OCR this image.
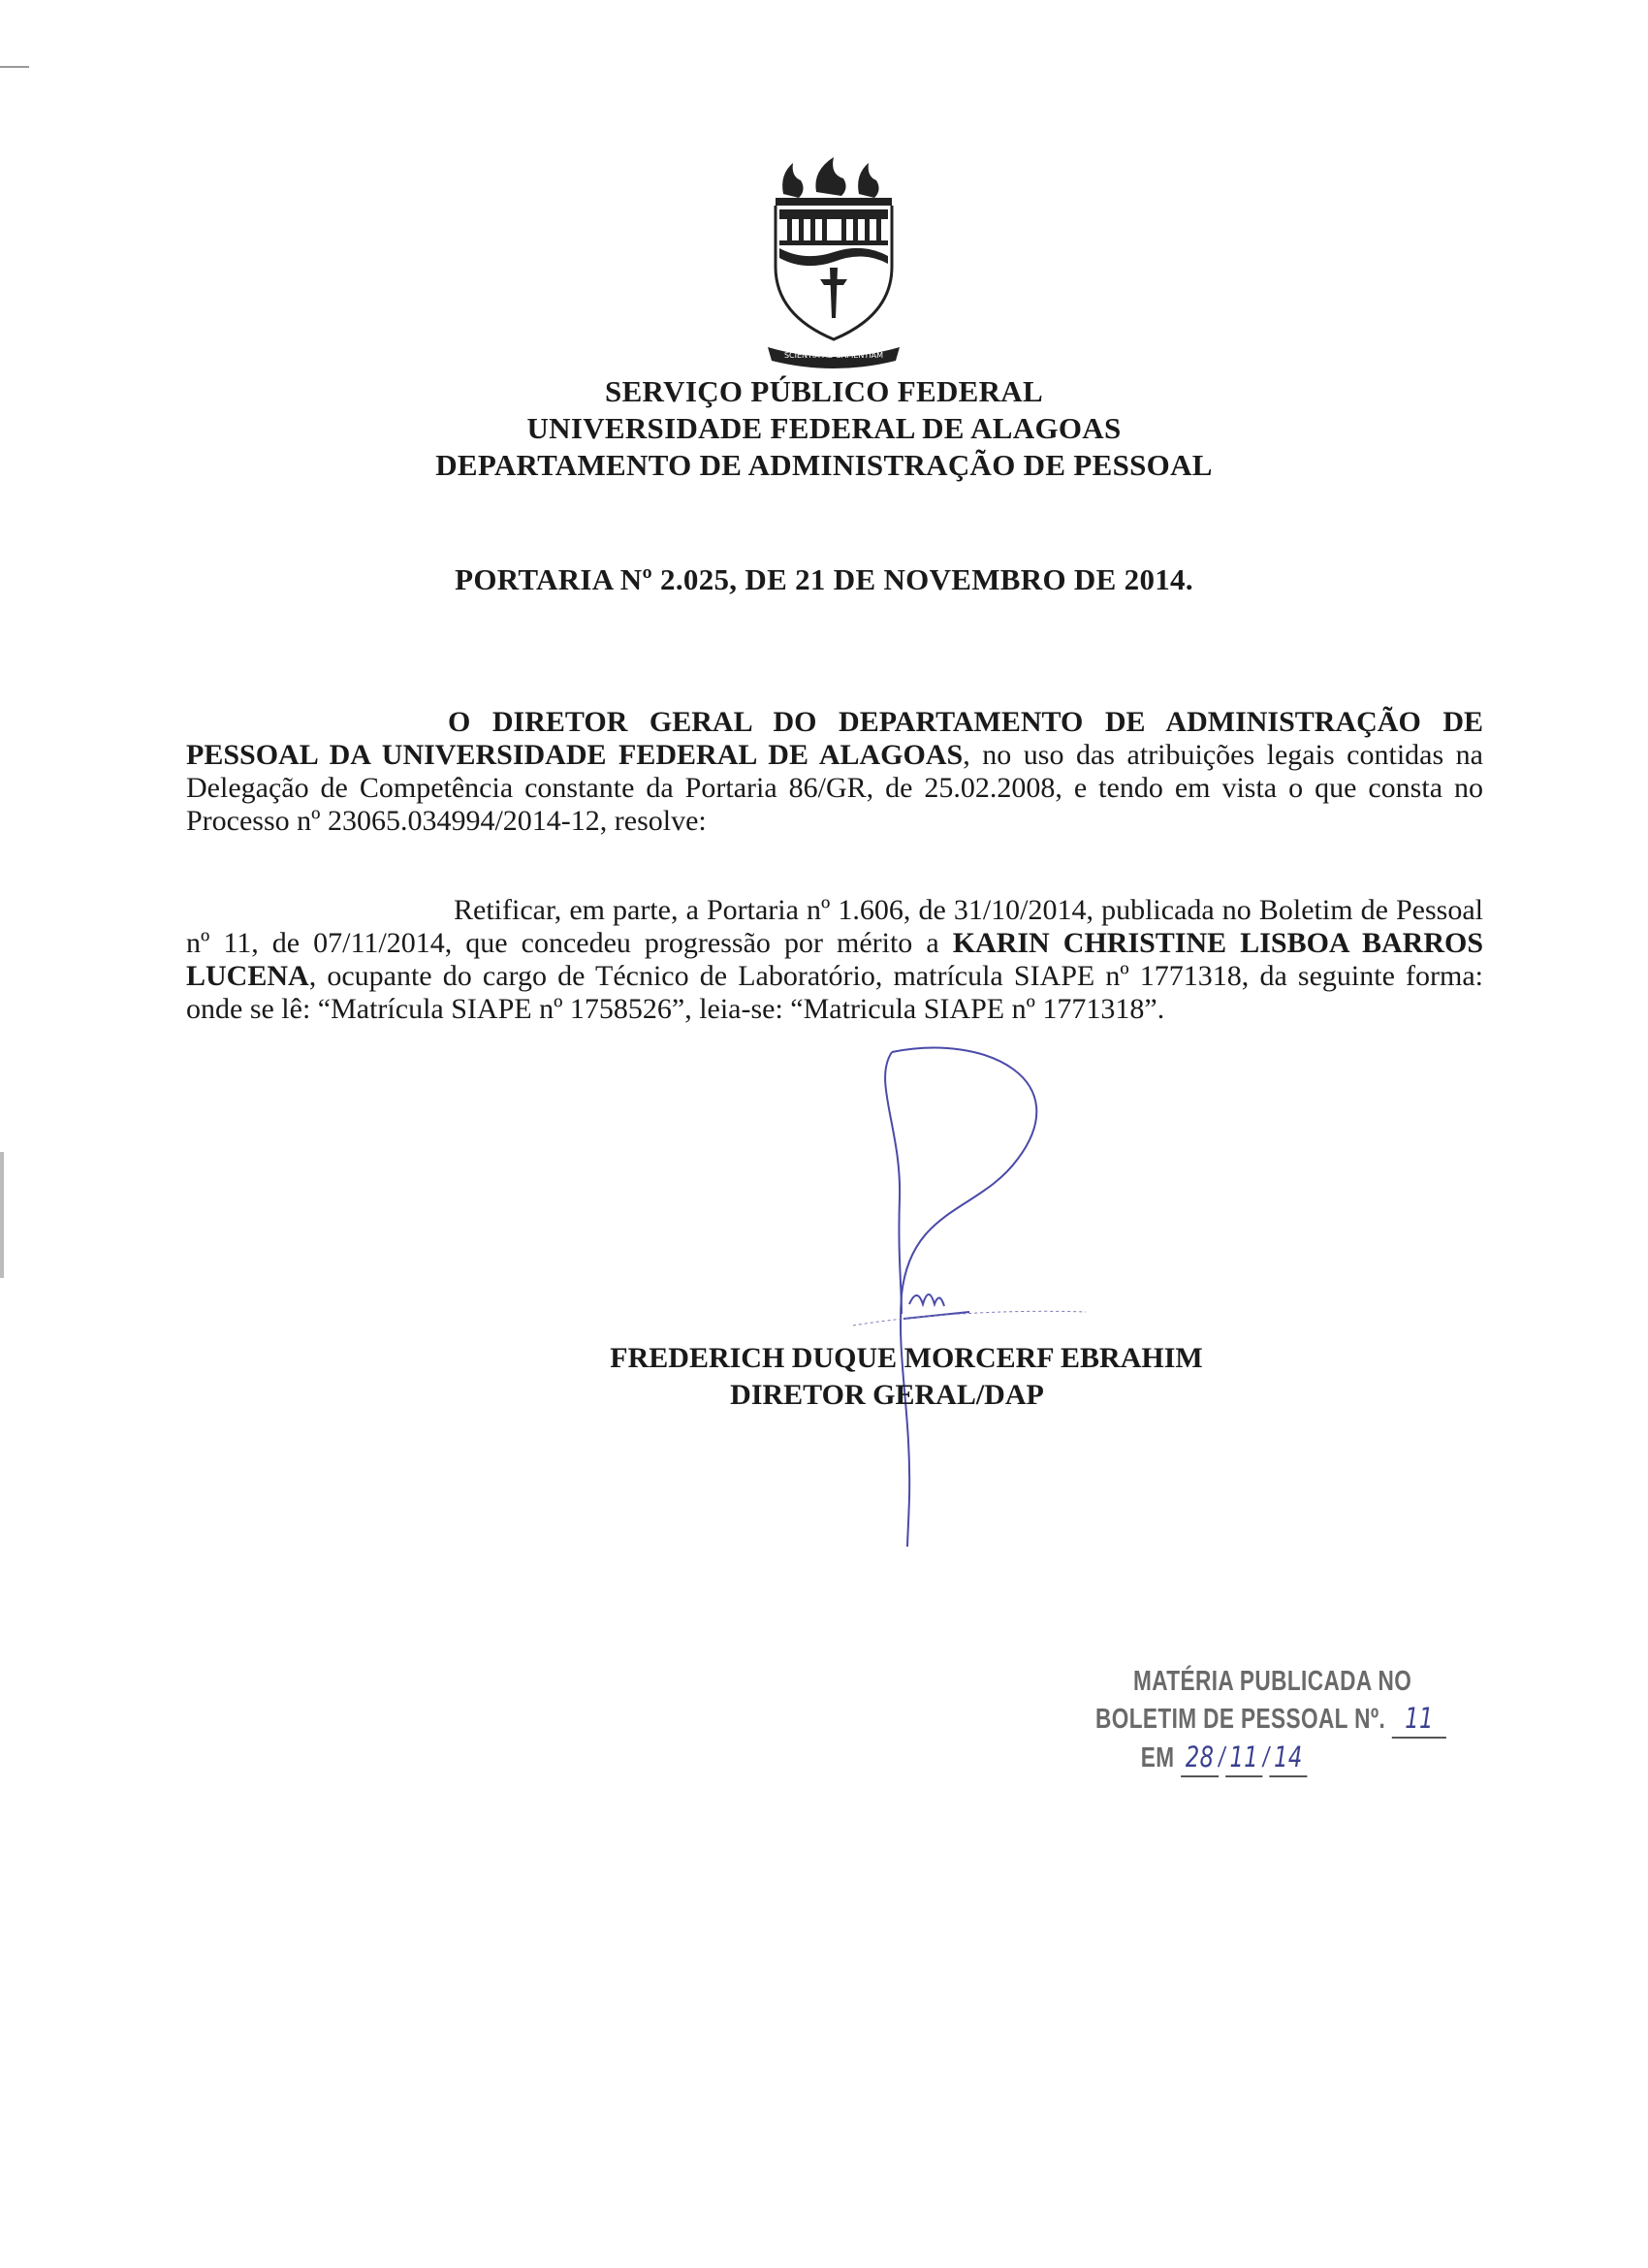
SCIENTIA AD SAPIENTIAM
SERVIÇO PÚBLICO FEDERAL
UNIVERSIDADE FEDERAL DE ALAGOAS
DEPARTAMENTO DE ADMINISTRAÇÃO DE PESSOAL
PORTARIA Nº 2.025, DE 21 DE NOVEMBRO DE 2014.
O DIRETOR GERAL DO DEPARTAMENTO DE ADMINISTRAÇÃO DE PESSOAL DA UNIVERSIDADE FEDERAL DE ALAGOAS, no uso das atribuições legais contidas na Delegação de Competência constante da Portaria 86/GR, de 25.02.2008, e tendo em vista o que consta no Processo nº 23065.034994/2014-12, resolve:
Retificar, em parte, a Portaria nº 1.606, de 31/10/2014, publicada no Boletim de Pessoal nº 11, de 07/11/2014, que concedeu progressão por mérito a KARIN CHRISTINE LISBOA BARROS LUCENA, ocupante do cargo de Técnico de Laboratório, matrícula SIAPE nº 1771318, da seguinte forma: onde se lê: “Matrícula SIAPE nº 1758526”, leia-se: “Matricula SIAPE nº 1771318”.
FREDERICH DUQUE MORCERF EBRAHIM
DIRETOR GERAL/DAP
MATÉRIA PUBLICADA NO
BOLETIM DE PESSOAL Nº. 11
EM 28 / 11 / 14
